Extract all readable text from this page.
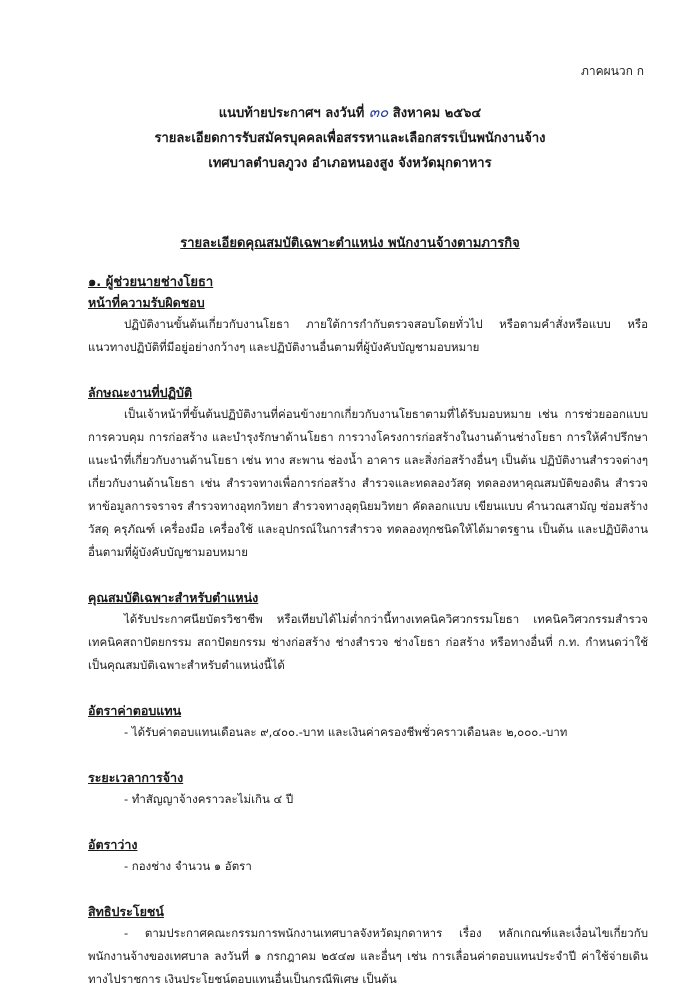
ภาคผนวก ก
แนบท้ายประกาศฯ ลงวันที่ ๓๐ สิงหาคม ๒๕๖๔
รายละเอียดการรับสมัครบุคคลเพื่อสรรหาและเลือกสรรเป็นพนักงานจ้าง
เทศบาลตำบลภูวง อำเภอหนองสูง จังหวัดมุกดาหาร
รายละเอียดคุณสมบัติเฉพาะตำแหน่ง พนักงานจ้างตามภารกิจ
๑. ผู้ช่วยนายช่างโยธา
หน้าที่ความรับผิดชอบ

ปฏิบัติงานขั้นต้นเกี่ยวกับงานโยธา ภายใต้การกำกับตรวจสอบโดยทั่วไป หรือตามคำสั่งหรือแบบ หรือแนวทางปฏิบัติที่มีอยู่อย่างกว้างๆ และปฏิบัติงานอื่นตามที่ผู้บังคับบัญชามอบหมาย

ลักษณะงานที่ปฏิบัติ

เป็นเจ้าหน้าที่ขั้นต้นปฏิบัติงานที่ค่อนข้างยากเกี่ยวกับงานโยธาตามที่ได้รับมอบหมาย เช่น การช่วยออกแบบ การควบคุม การก่อสร้าง และบำรุงรักษาด้านโยธา การวางโครงการก่อสร้างในงานด้านช่างโยธา การให้คำปรึกษาแนะนำที่เกี่ยวกับงานด้านโยธา เช่น ทาง สะพาน ช่องน้ำ อาคาร และสิ่งก่อสร้างอื่นๆ เป็นต้น ปฏิบัติงานสำรวจต่างๆ เกี่ยวกับงานด้านโยธา เช่น สำรวจทางเพื่อการก่อสร้าง สำรวจและทดลองวัสดุ ทดลองหาคุณสมบัติของดิน สำรวจหาข้อมูลการจราจร สำรวจทางอุทกวิทยา สำรวจทางอุตุนิยมวิทยา คัดลอกแบบ เขียนแบบ คำนวณสามัญ ซ่อมสร้างวัสดุ ครุภัณฑ์ เครื่องมือ เครื่องใช้ และอุปกรณ์ในการสำรวจ ทดลองทุกชนิดให้ได้มาตรฐาน เป็นต้น และปฏิบัติงานอื่นตามที่ผู้บังคับบัญชามอบหมาย

คุณสมบัติเฉพาะสำหรับตำแหน่ง

ได้รับประกาศนียบัตรวิชาชีพ หรือเทียบได้ไม่ต่ำกว่านี้ทางเทคนิควิศวกรรมโยธา เทคนิควิศวกรรมสำรวจ เทคนิคสถาปัตยกรรม สถาปัตยกรรม ช่างก่อสร้าง ช่างสำรวจ ช่างโยธา ก่อสร้าง หรือทางอื่นที่ ก.ท. กำหนดว่าใช้เป็นคุณสมบัติเฉพาะสำหรับตำแหน่งนี้ได้

อัตราค่าตอบแทน

- ได้รับค่าตอบแทนเดือนละ ๙,๔๐๐.-บาท และเงินค่าครองชีพชั่วคราวเดือนละ ๒,๐๐๐.-บาท

ระยะเวลาการจ้าง

- ทำสัญญาจ้างคราวละไม่เกิน ๔ ปี

อัตราว่าง

- กองช่าง จำนวน ๑ อัตรา

สิทธิประโยชน์

- ตามประกาศคณะกรรมการพนักงานเทศบาลจังหวัดมุกดาหาร เรื่อง หลักเกณฑ์และเงื่อนไขเกี่ยวกับพนักงานจ้างของเทศบาล ลงวันที่ ๑ กรกฎาคม ๒๕๔๗ และอื่นๆ เช่น การเลื่อนค่าตอบแทนประจำปี ค่าใช้จ่ายเดินทางไปราชการ เงินประโยชน์ตอบแทนอื่นเป็นกรณีพิเศษ เป็นต้น
